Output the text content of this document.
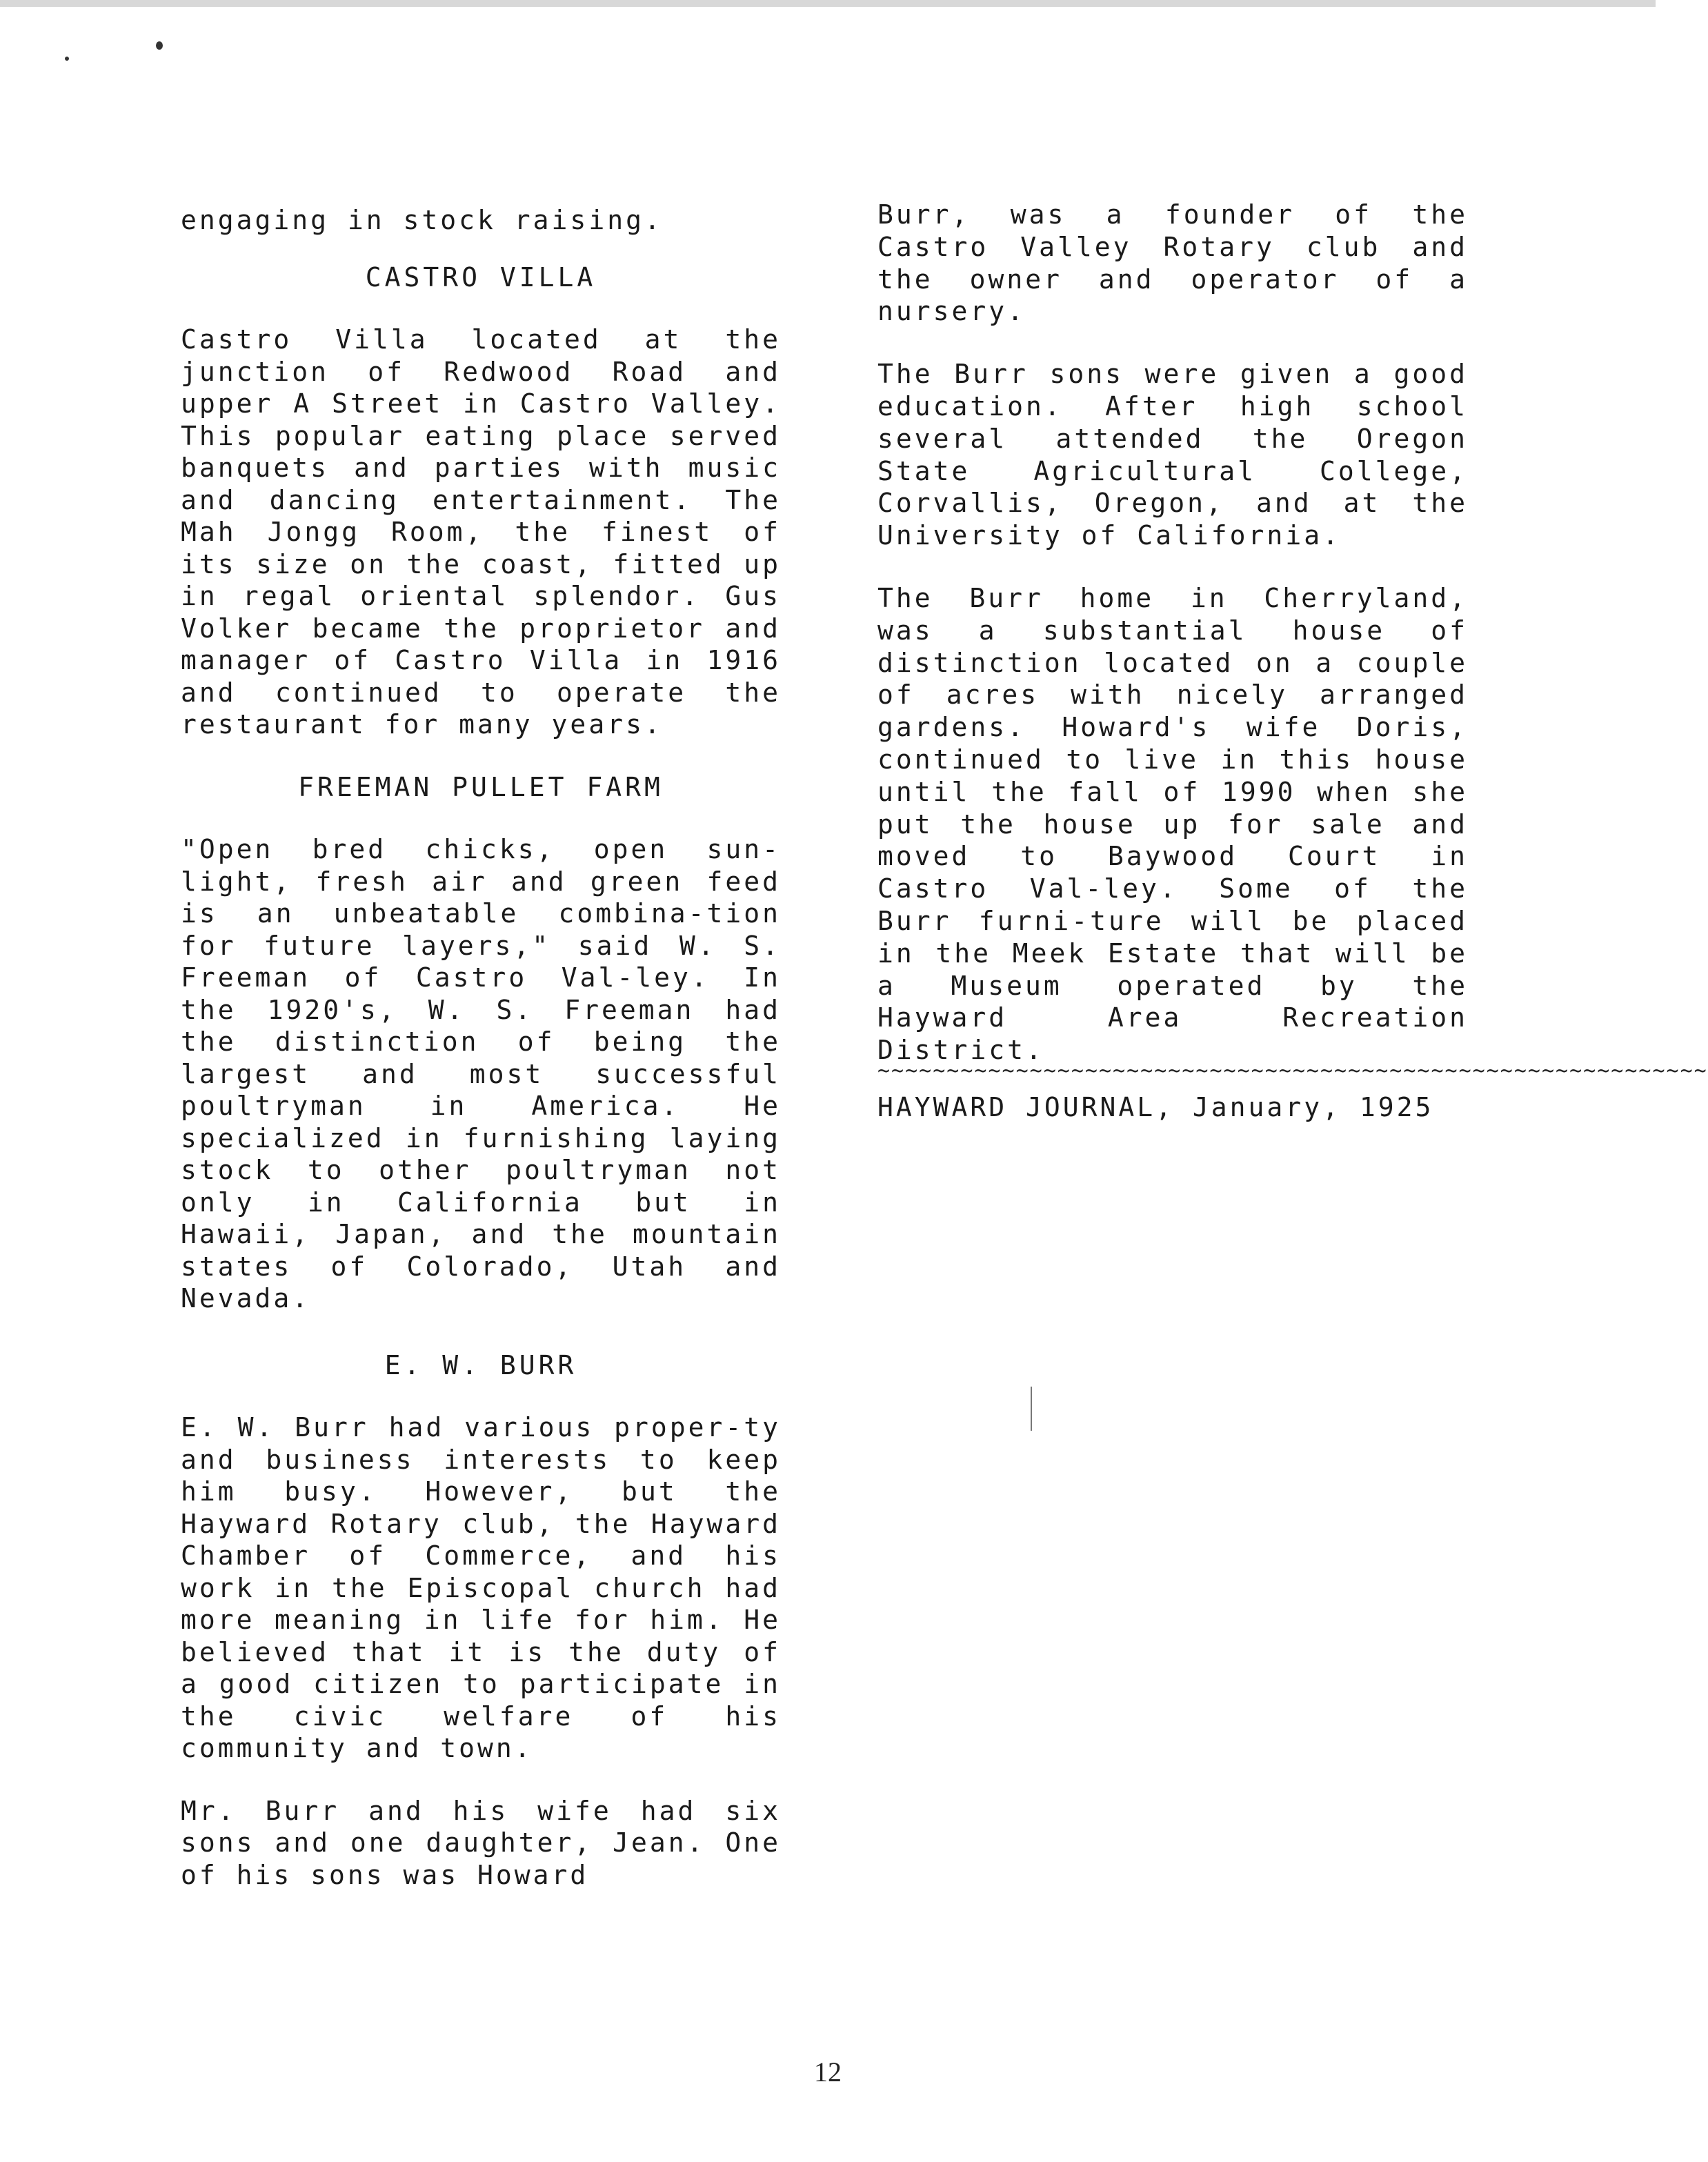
engaging in stock raising.

CASTRO VILLA

Castro Villa located at the junction of Redwood Road and upper A Street in Castro Valley. This popular eating place served banquets and parties with music and dancing entertainment. The Mah Jongg Room, the finest of its size on the coast, fitted up in regal oriental splendor. Gus Volker became the proprietor and manager of Castro Villa in 1916 and continued to operate the restaurant for many years.

FREEMAN PULLET FARM

"Open bred chicks, open sun-light, fresh air and green feed is an unbeatable combina-tion for future layers," said W. S. Freeman of Castro Val-ley. In the 1920's, W. S. Freeman had the distinction of being the largest and most successful poultryman in America. He specialized in furnishing laying stock to other poultryman not only in California but in Hawaii, Japan, and the mountain states of Colorado, Utah and Nevada.

E. W. BURR

E. W. Burr had various proper-ty and business interests to keep him busy. However, but the Hayward Rotary club, the Hayward Chamber of Commerce, and his work in the Episcopal church had more meaning in life for him. He believed that it is the duty of a good citizen to participate in the civic welfare of his community and town.

Mr. Burr and his wife had six sons and one daughter, Jean. One of his sons was Howard

Burr, was a founder of the Castro Valley Rotary club and the owner and operator of a nursery.

The Burr sons were given a good education. After high school several attended the Oregon State Agricultural College, Corvallis, Oregon, and at the University of California.

The Burr home in Cherryland, was a substantial house of distinction located on a couple of acres with nicely arranged gardens. Howard's wife Doris, continued to live in this house until the fall of 1990 when she put the house up for sale and moved to Baywood Court in Castro Val-ley. Some of the Burr furni-ture will be placed in the Meek Estate that will be a Museum operated by the Hayward Area Recreation District.

~~~~~~~~~~~~~~~~~~~~~~~~~~~~~~~~~~~~~~~~~~~~~~~~~~~~~~~~~~~~

HAYWARD JOURNAL, January, 1925

12
